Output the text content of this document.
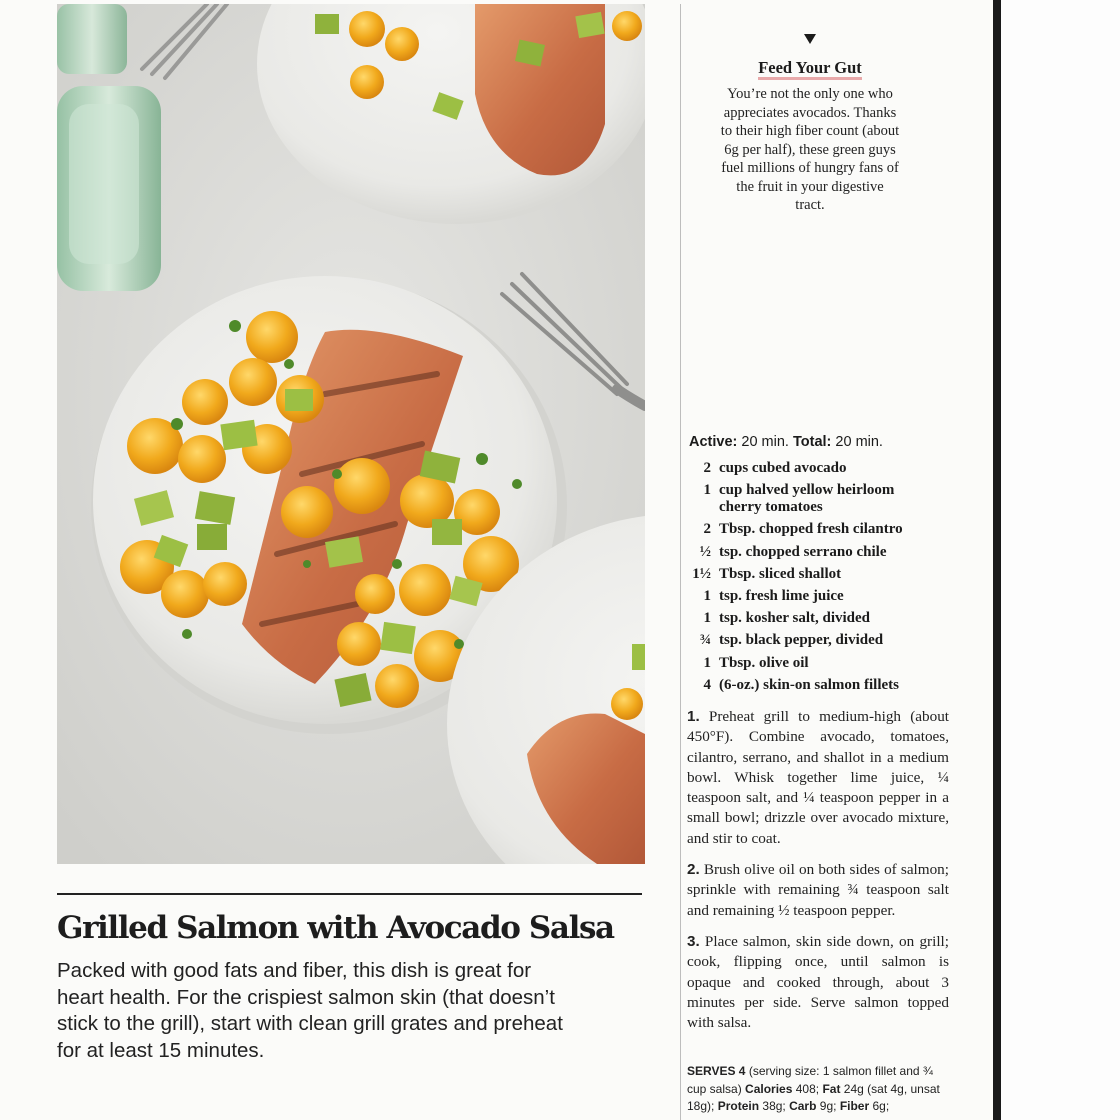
Grilled Salmon with Avocado Salsa

Packed with good fats and fiber, this dish is great for heart health. For the crispiest salmon skin (that doesn’t stick to the grill), start with clean grill grates and preheat for at least 15 minutes.

Feed Your Gut

You’re not the only one who appreciates avocados. Thanks to their high fiber count (about 6g per half), these green guys fuel millions of hungry fans of the fruit in your digestive tract.

Active: 20 min. Total: 20 min.
2 cups cubed avocado
1 cup halved yellow heirloom cherry tomatoes
2 Tbsp. chopped fresh cilantro
½ tsp. chopped serrano chile
1½ Tbsp. sliced shallot
1 tsp. fresh lime juice
1 tsp. kosher salt, divided
¾ tsp. black pepper, divided
1 Tbsp. olive oil
4 (6-oz.) skin-on salmon fillets

1. Preheat grill to medium-high (about 450°F). Combine avocado, tomatoes, cilantro, serrano, and shallot in a medium bowl. Whisk together lime juice, ¼ teaspoon salt, and ¼ teaspoon pepper in a small bowl; drizzle over avocado mixture, and stir to coat.

2. Brush olive oil on both sides of salmon; sprinkle with remaining ¾ teaspoon salt and remaining ½ teaspoon pepper.

3. Place salmon, skin side down, on grill; cook, flipping once, until salmon is opaque and cooked through, about 3 minutes per side. Serve salmon topped with salsa.

SERVES 4 (serving size: 1 salmon fillet and ¾ cup salsa) Calories 408; Fat 24g (sat 4g, unsat 18g); Protein 38g; Carb 9g; Fiber 6g;
